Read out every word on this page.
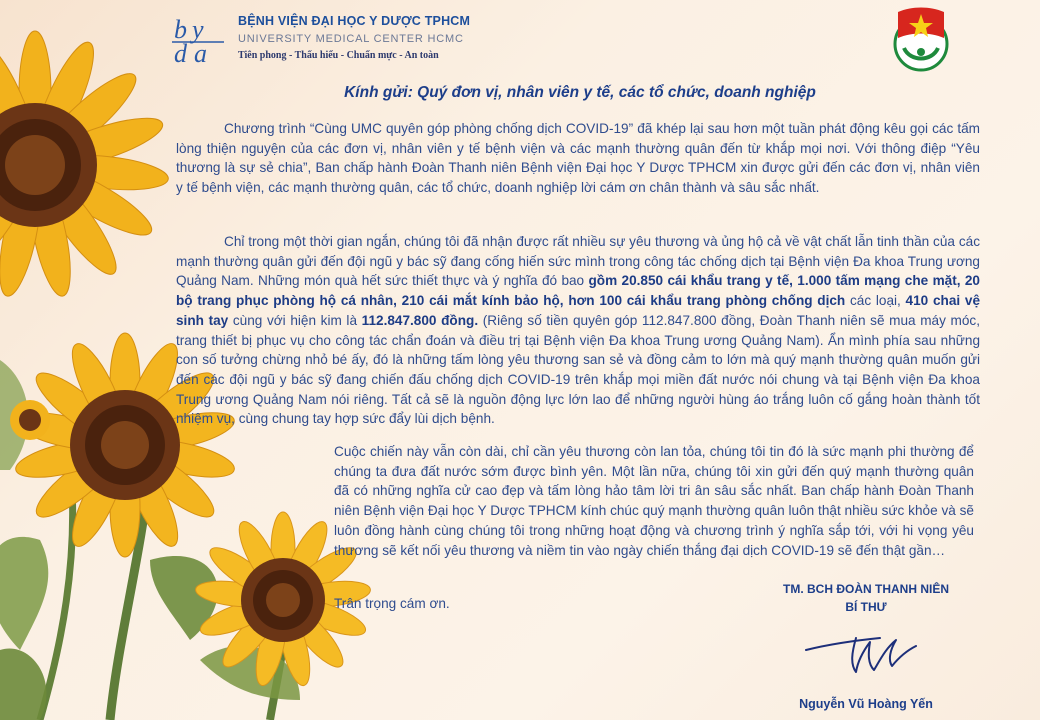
b y
d a
BỆNH VIỆN ĐẠI HỌC Y DƯỢC TPHCM
UNIVERSITY MEDICAL CENTER HCMC
Tiên phong - Thấu hiểu - Chuẩn mực - An toàn
Kính gửi: Quý đơn vị, nhân viên y tế, các tổ chức, doanh nghiệp

Chương trình “Cùng UMC quyên góp phòng chống dịch COVID-19” đã khép lại sau hơn một tuần phát động kêu gọi các tấm lòng thiện nguyện của các đơn vị, nhân viên y tế bệnh viện và các mạnh thường quân đến từ khắp mọi nơi. Với thông điệp “Yêu thương là sự sẻ chia”, Ban chấp hành Đoàn Thanh niên Bệnh viện Đại học Y Dược TPHCM xin được gửi đến các đơn vị, nhân viên y tế bệnh viện, các mạnh thường quân, các tổ chức, doanh nghiệp lời cám ơn chân thành và sâu sắc nhất.

Chỉ trong một thời gian ngắn, chúng tôi đã nhận được rất nhiều sự yêu thương và ủng hộ cả về vật chất lẫn tinh thần của các mạnh thường quân gửi đến đội ngũ y bác sỹ đang cống hiến sức mình trong công tác chống dịch tại Bệnh viện Đa khoa Trung ương Quảng Nam. Những món quà hết sức thiết thực và ý nghĩa đó bao gồm 20.850 cái khẩu trang y tế, 1.000 tấm mạng che mặt, 20 bộ trang phục phòng hộ cá nhân, 210 cái mắt kính bảo hộ, hơn 100 cái khẩu trang phòng chống dịch các loại, 410 chai vệ sinh tay cùng với hiện kim là 112.847.800 đồng. (Riêng số tiền quyên góp 112.847.800 đồng, Đoàn Thanh niên sẽ mua máy móc, trang thiết bị phục vụ cho công tác chẩn đoán và điều trị tại Bệnh viện Đa khoa Trung ương Quảng Nam). Ẩn mình phía sau những con số tưởng chừng nhỏ bé ấy, đó là những tấm lòng yêu thương san sẻ và đồng cảm to lớn mà quý mạnh thường quân muốn gửi đến các đội ngũ y bác sỹ đang chiến đấu chống dịch COVID-19 trên khắp mọi miền đất nước nói chung và tại Bệnh viện Đa khoa Trung ương Quảng Nam nói riêng. Tất cả sẽ là nguồn động lực lớn lao để những người hùng áo trắng luôn cố gắng hoàn thành tốt nhiệm vụ, cùng chung tay hợp sức đẩy lùi dịch bệnh.

Cuộc chiến này vẫn còn dài, chỉ cần yêu thương còn lan tỏa, chúng tôi tin đó là sức mạnh phi thường để chúng ta đưa đất nước sớm được bình yên. Một lần nữa, chúng tôi xin gửi đến quý mạnh thường quân đã có những nghĩa cử cao đẹp và tấm lòng hảo tâm lời tri ân sâu sắc nhất. Ban chấp hành Đoàn Thanh niên Bệnh viện Đại học Y Dược TPHCM kính chúc quý mạnh thường quân luôn thật nhiều sức khỏe và sẽ luôn đồng hành cùng chúng tôi trong những hoạt động và chương trình ý nghĩa sắp tới, với hi vọng yêu thương sẽ kết nối yêu thương và niềm tin vào ngày chiến thắng đại dịch COVID-19 sẽ đến thật gần…

Trân trọng cám ơn.
TM. BCH ĐOÀN THANH NIÊN
BÍ THƯ
Nguyễn Vũ Hoàng Yến
